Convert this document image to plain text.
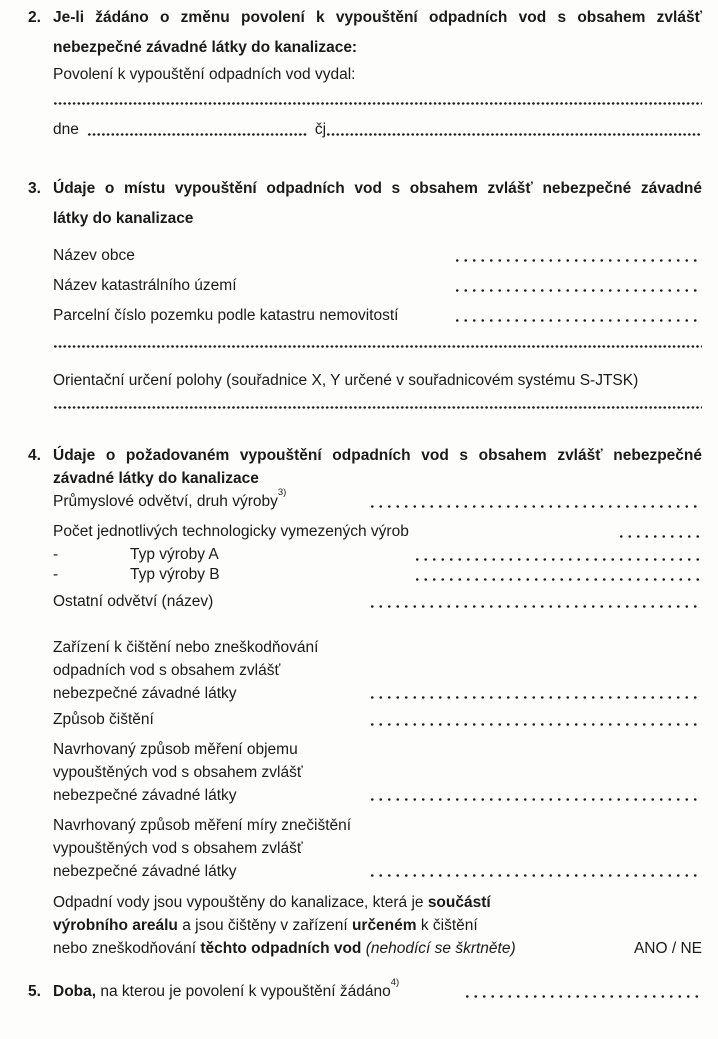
2. Je-li žádáno o změnu povolení k vypouštění odpadních vod s obsahem zvlášť
nebezpečné závadné látky do kanalizace:
Povolení k vypouštění odpadních vod vydal:
dne	čj
3. Údaje o místu vypouštění odpadních vod s obsahem zvlášť nebezpečné závadné
látky do kanalizace
Název obce
Název katastrálního území
Parcelní číslo pozemku podle katastru nemovitostí
Orientační určení polohy (souřadnice X, Y určené v souřadnicovém systému S-JTSK)
4. Údaje o požadovaném vypouštění odpadních vod s obsahem zvlášť nebezpečné
závadné látky do kanalizace
Průmyslové odvětví, druh výroby$^{3)}$
Počet jednotlivých technologicky vymezených výrob
-	Typ výroby A
-	Typ výroby B
Ostatní odvětví (název)
Zařízení k čištění nebo zneškodňování
odpadních vod s obsahem zvlášť
nebezpečné závadné látky
Způsob čištění
Navrhovaný způsob měření objemu
vypouštěných vod s obsahem zvlášť
nebezpečné závadné látky
Navrhovaný způsob měření míry znečištění
vypouštěných vod s obsahem zvlášť
nebezpečné závadné látky
Odpadní vody jsou vypouštěny do kanalizace, která je součástí
výrobního areálu a jsou čištěny v zařízení určeném k čištění
nebo zneškodňování těchto odpadních vod (nehodící se škrtněte)	ANO / NE
5. Doba, na kterou je povolení k vypouštění žádáno$^{4)}$
